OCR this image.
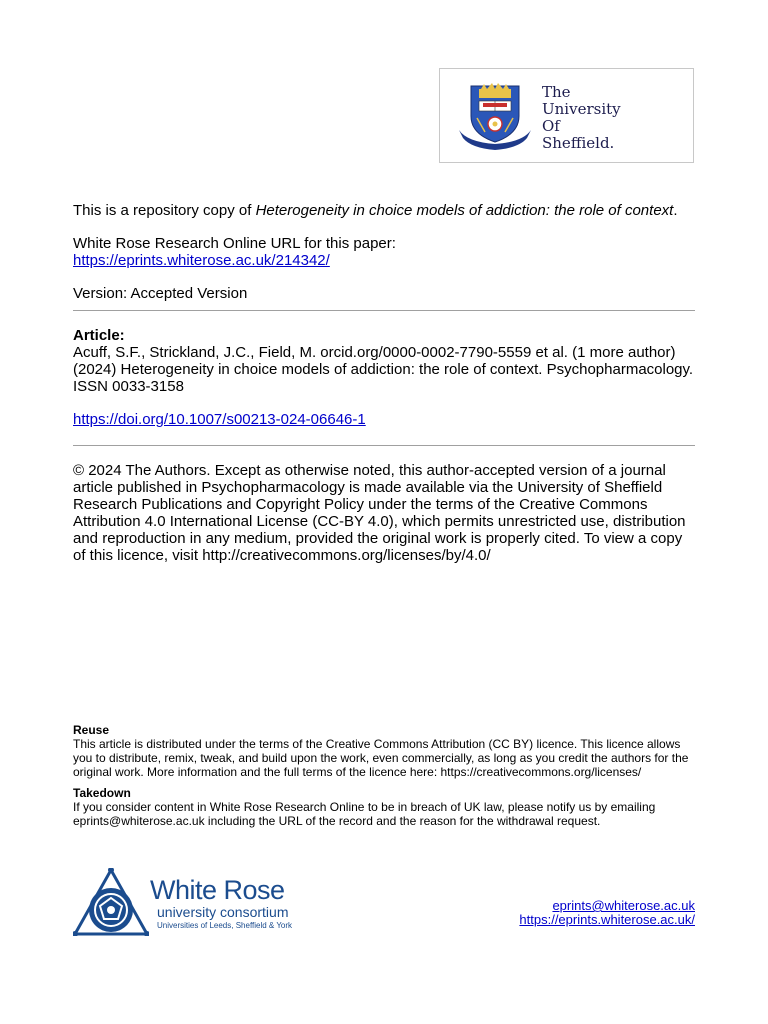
The
University
Of
Sheffield.

This is a repository copy of Heterogeneity in choice models of addiction: the role of context.

White Rose Research Online URL for this paper:

https://eprints.whiterose.ac.uk/214342/

Version: Accepted Version

Article:

Acuff, S.F., Strickland, J.C., Field, M. orcid.org/0000-0002-7790-5559 et al. (1 more author) (2024) Heterogeneity in choice models of addiction: the role of context. Psychopharmacology. ISSN 0033-3158

https://doi.org/10.1007/s00213-024-06646-1

© 2024 The Authors. Except as otherwise noted, this author-accepted version of a journal article published in Psychopharmacology is made available via the University of Sheffield Research Publications and Copyright Policy under the terms of the Creative Commons Attribution 4.0 International License (CC-BY 4.0), which permits unrestricted use, distribution and reproduction in any medium, provided the original work is properly cited. To view a copy of this licence, visit http://creativecommons.org/licenses/by/4.0/

Reuse

This article is distributed under the terms of the Creative Commons Attribution (CC BY) licence. This licence allows you to distribute, remix, tweak, and build upon the work, even commercially, as long as you credit the authors for the original work. More information and the full terms of the licence here: https://creativecommons.org/licenses/

Takedown

If you consider content in White Rose Research Online to be in breach of UK law, please notify us by emailing eprints@whiterose.ac.uk including the URL of the record and the reason for the withdrawal request.

White Rose
university consortium
Universities of Leeds, Sheffield & York
eprints@whiterose.ac.uk
https://eprints.whiterose.ac.uk/
